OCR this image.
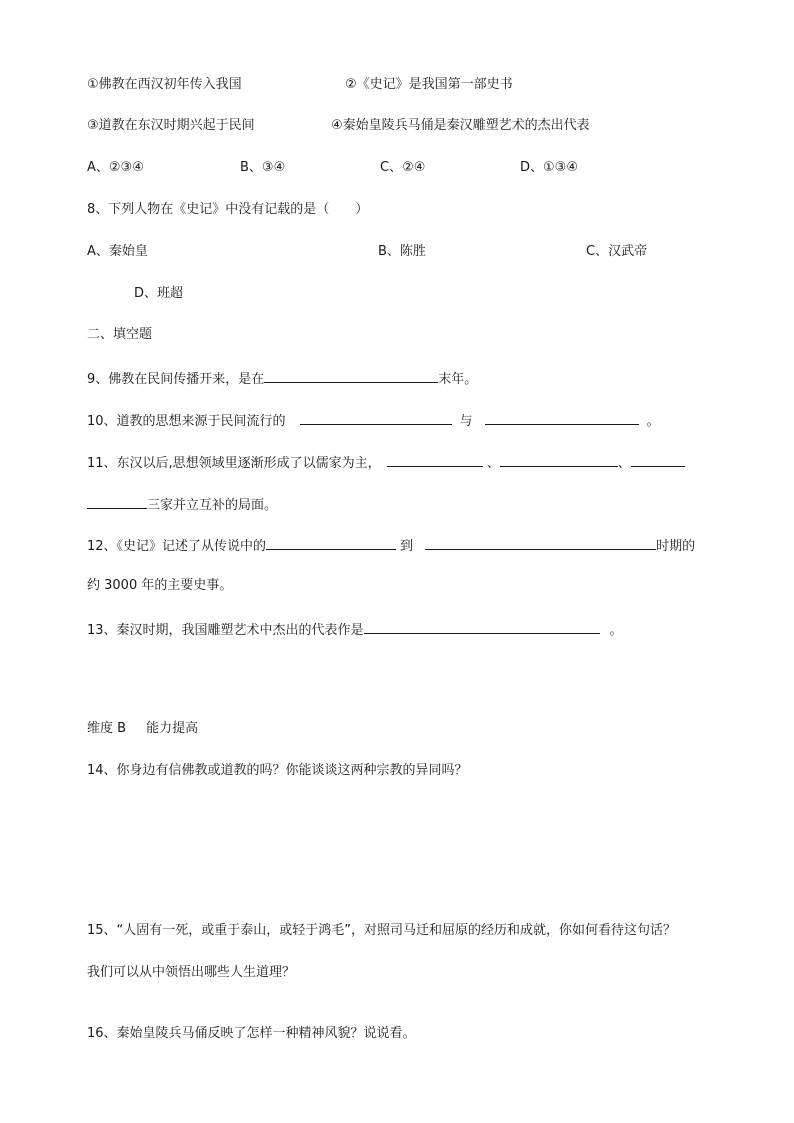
①佛教在西汉初年传入我国	②《史记》是我国第一部史书
③道教在东汉时期兴起于民间	④秦始皇陵兵马俑是秦汉雕塑艺术的杰出代表
A、②③④	B、③④	C、②④	D、①③④
8、下列人物在《史记》中没有记载的是（　　）
A、秦始皇	B、陈胜	C、汉武帝
D、班超
二、填空题
9、佛教在民间传播开来，是在	末年。
10、道教的思想来源于民间流行的	与	。
11、东汉以后,思想领域里逐渐形成了以儒家为主，	、	、
三家并立互补的局面。
12、《史记》记述了从传说中的	到	时期的
约 3000 年的主要史事。
13、秦汉时期，我国雕塑艺术中杰出的代表作是	。
维度 B 能力提高
14、你身边有信佛教或道教的吗？你能谈谈这两种宗教的异同吗？
15、“人固有一死，或重于泰山，或轻于鸿毛”，对照司马迁和屈原的经历和成就，你如何看待这句话？
我们可以从中领悟出哪些人生道理？
16、秦始皇陵兵马俑反映了怎样一种精神风貌？说说看。
